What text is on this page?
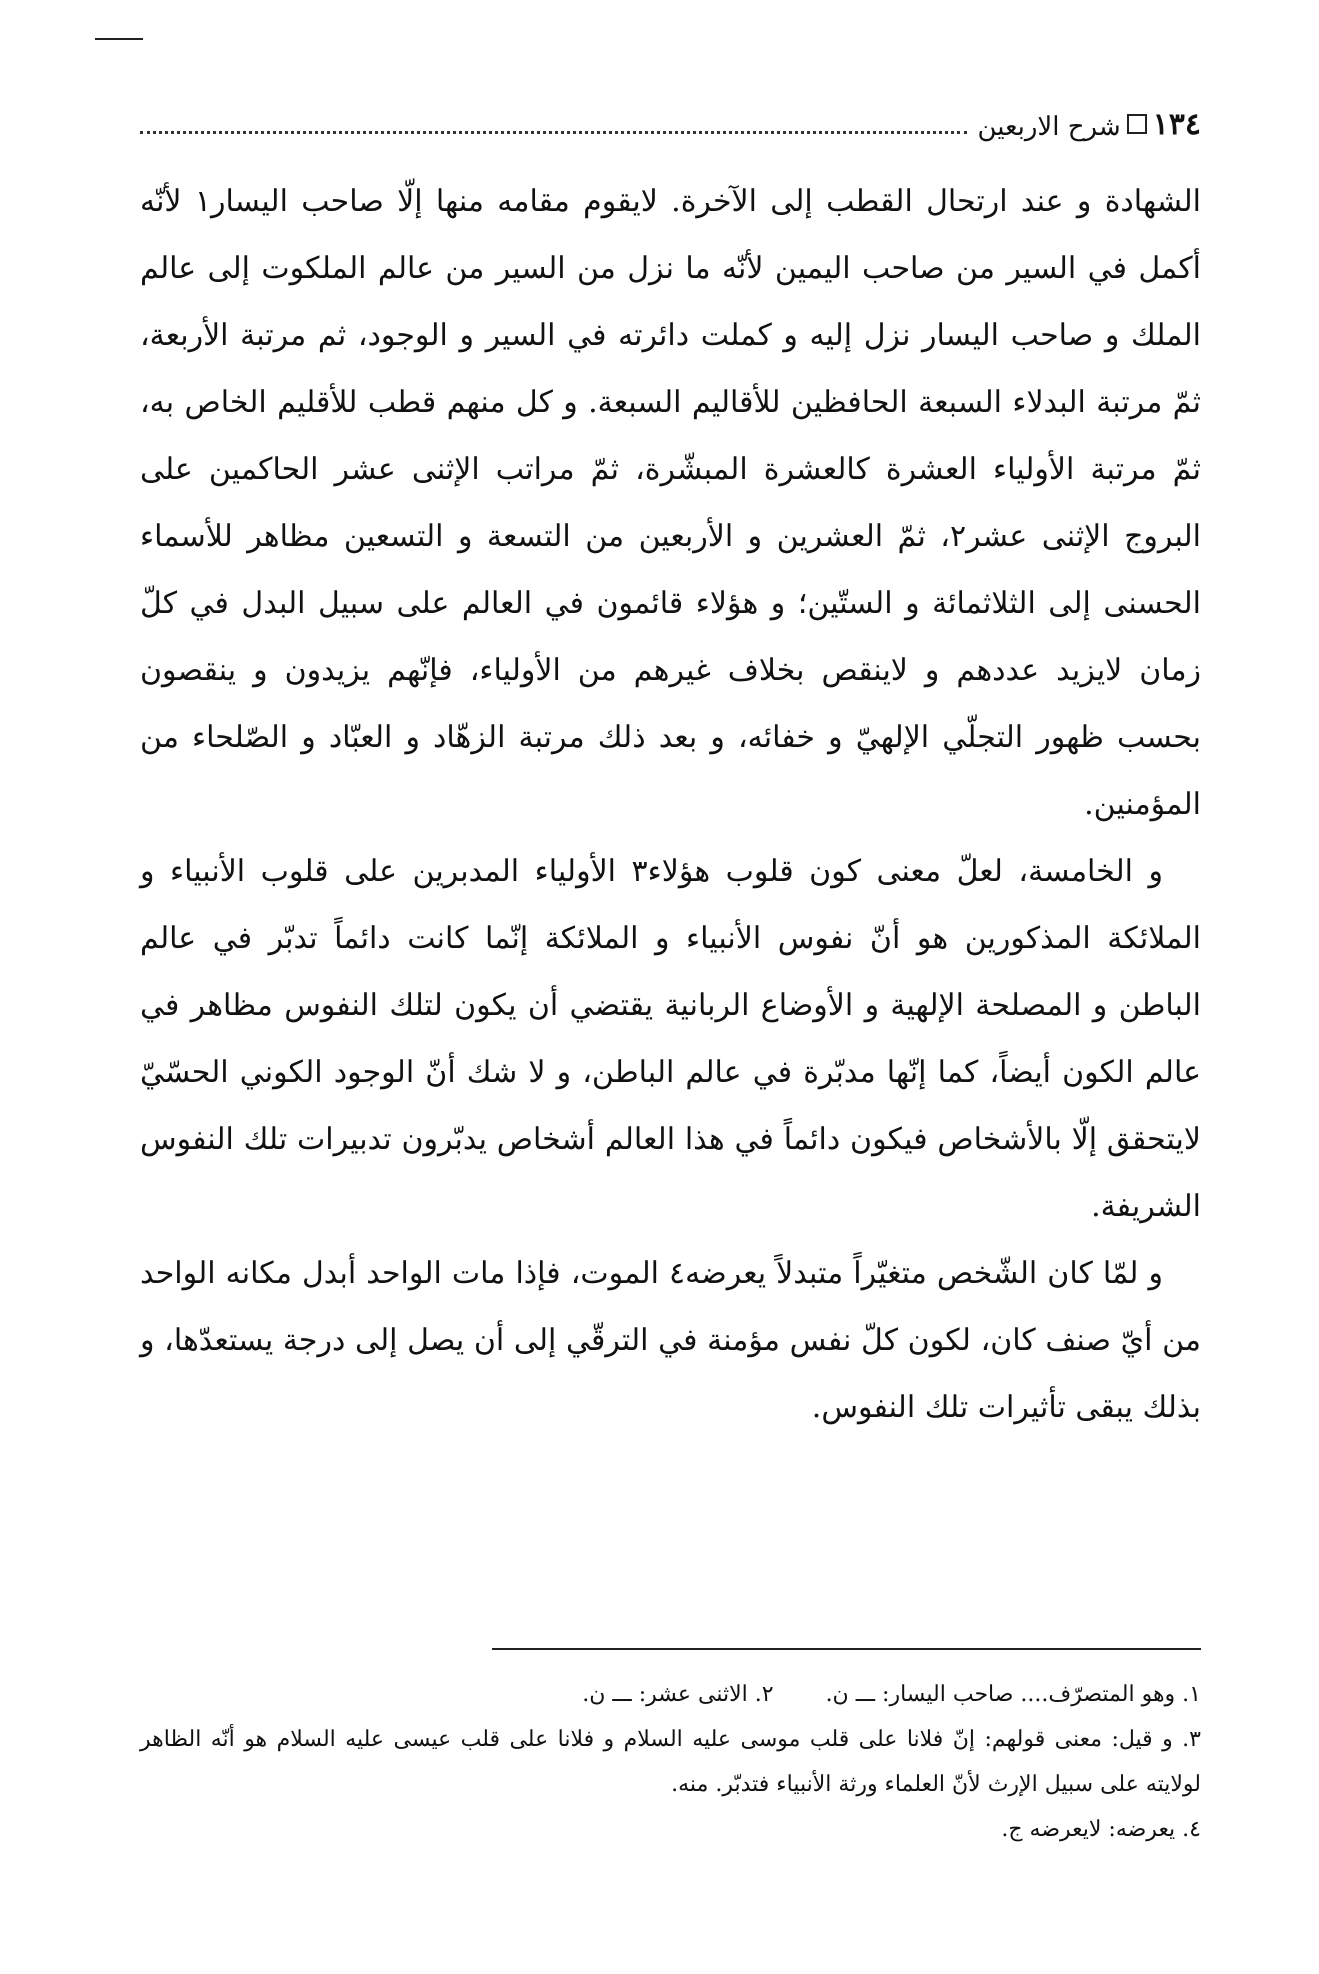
١٣٤
شرح الاربعين

الشهادة و عند ارتحال القطب إلى الآخرة. لايقوم مقامه منها إلّا صاحب اليسار١ لأنّه أكمل في السير من صاحب اليمين لأنّه ما نزل من السير من عالم الملكوت إلى عالم الملك و صاحب اليسار نزل إليه و كملت دائرته في السير و الوجود، ثم مرتبة الأربعة، ثمّ مرتبة البدلاء السبعة الحافظين للأقاليم السبعة. و كل منهم قطب للأقليم الخاص به، ثمّ مرتبة الأولياء العشرة كالعشرة المبشّرة، ثمّ مراتب الإثنى عشر الحاكمين على البروج الإثنى عشر٢، ثمّ العشرين و الأربعين من التسعة و التسعين مظاهر للأسماء الحسنى إلى الثلاثمائة و الستّين؛ و هؤلاء قائمون في العالم على سبيل البدل في كلّ زمان لايزيد عددهم و لاينقص بخلاف غيرهم من الأولياء، فإنّهم يزيدون و ينقصون بحسب ظهور التجلّي الإلهيّ و خفائه، و بعد ذلك مرتبة الزهّاد و العبّاد و الصّلحاء من المؤمنين.

و الخامسة، لعلّ معنى كون قلوب هؤلاء٣ الأولياء المدبرين على قلوب الأنبياء و الملائكة المذكورين هو أنّ نفوس الأنبياء و الملائكة إنّما كانت دائماً تدبّر في عالم الباطن و المصلحة الإلهية و الأوضاع الربانية يقتضي أن يكون لتلك النفوس مظاهر في عالم الكون أيضاً، كما إنّها مدبّرة في عالم الباطن، و لا شك أنّ الوجود الكوني الحسّيّ لايتحقق إلّا بالأشخاص فيكون دائماً في هذا العالم أشخاص يدبّرون تدبيرات تلك النفوس الشريفة.

و لمّا كان الشّخص متغيّراً متبدلاً يعرضه٤ الموت، فإذا مات الواحد أبدل مكانه الواحد من أيّ صنف كان، لكون كلّ نفس مؤمنة في الترقّي إلى أن يصل إلى درجة يستعدّها، و بذلك يبقى تأثيرات تلك النفوس.

١. وهو المتصرّف.... صاحب اليسار: ـــ ن.
٢. الاثنى عشر: ـــ ن.

٣. و قيل: معنى قولهم: إنّ فلانا على قلب موسى عليه السلام و فلانا على قلب عيسى عليه السلام هو أنّه الظاهر لولايته على سبيل الإرث لأنّ العلماء ورثة الأنبياء فتدبّر. منه.

٤. يعرضه: لايعرضه ج.
